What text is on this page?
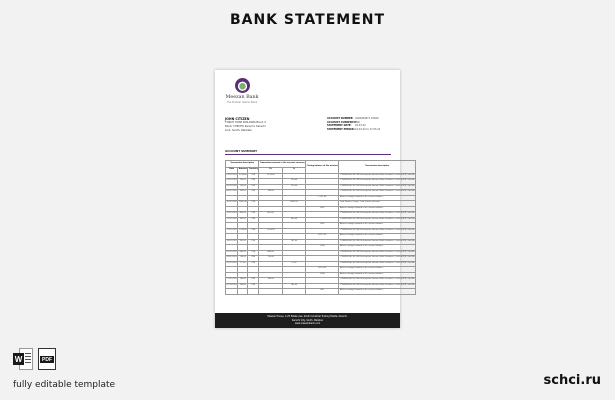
BANK STATEMENT
Meezan Bank
The Premier Islamic Bank
JOHN CITIZEN
TORCH HOSE BUILDING Block 4
Block 3 PECHS Karachi, Karachi
Link, South, Pakistan
ACCOUNT NUMBER: 0100000871 16620
ACCOUNT CURRENCY:PKR
STATEMENT DATE: 22.03.22
STATEMENT PERIOD:22.02.22 to 27.03.22
ACCOUNT SUMMARY
Transaction description			Transaction amount in the account currency		Closing balance of the account	Transaction description
Date	Amount	Currency	Dr	Cr		
01.02.2022	1,274.00	PKR	1,274.00			COMMERCIAL SECURE Redemption, Account Bank Guarantee Limited PKR, Card No
01.02.2022	750.00	PKR		750.00		COMMERCIAL SECURE Redemption, Account Bank Guarantee Limited PKR, Card No
05.02.2022	750.00	PKR		750.00		COMMERCIAL SECURE Redemption, Account Bank Guarantee Limited PKR, Card No
06.02.2022	143.00	PKR	143.00			COMMERCIAL SECURE Redemption, Account Bank Guarantee Limited PKR, Card No
					1,131.00	Balance brought forward of the account balance
10.02.2022	2,861.00	PKR		2,861.00		Card Transfer Charge, Card Transfer Account
					4,00	Balance brought forward of the account balance
12.02.2022	800.00	PKR	800.00			COMMERCIAL SECURE Redemption, Account Bank Guarantee Limited PKR, Card No
12.02.2022	390.00	PKR		390.00		COMMERCIAL SECURE Redemption, Account Bank Guarantee Limited PKR, Card No
					8.00	Balance brought forward of the account balance
17.02.2022	1,314.00	PKR	1,314.00			COMMERCIAL SECURE Redemption, Account Bank Guarantee Limited PKR, Card No
					4,111.00	Balance brought forward of the account balance
18.02.2022	141.00	PKR		141.00		COMMERCIAL SECURE Redemption, Account Bank Guarantee Limited PKR, Card No
					1,000	Balance brought forward of the account balance
20.02.2022	840.00	PKR	840.00			COMMERCIAL SECURE Redemption, Account Bank Guarantee Limited PKR, Card No
24.02.2022	730.00	PKR	730.00			COMMERCIAL SECURE Redemption, Account Bank Guarantee Limited PKR, Card No
25.02.2022	11.00	PKR		11.00		COMMERCIAL SECURE Redemption, Account Bank Guarantee Limited PKR, Card No
					4,113.00	Balance brought forward of the account balance
					1,000	Balance brought forward of the account balance
27.02.2022	180.00	PKR	180.00			COMMERCIAL SECURE Redemption, Account Bank Guarantee Limited PKR, Card No
01.03.2022	180.00	PKR		180.00		COMMERCIAL SECURE Redemption, Account Bank Guarantee Limited PKR, Card No
					800	Balance brought forward of the account balance
Meezan House, C-25 Estate Ave, Sindh Industrial Trading Estate, Karachi,
Karachi City, Sindh, Pakistan
www.meezanbank.com
W	PDF
fully editable template	schci.ru
